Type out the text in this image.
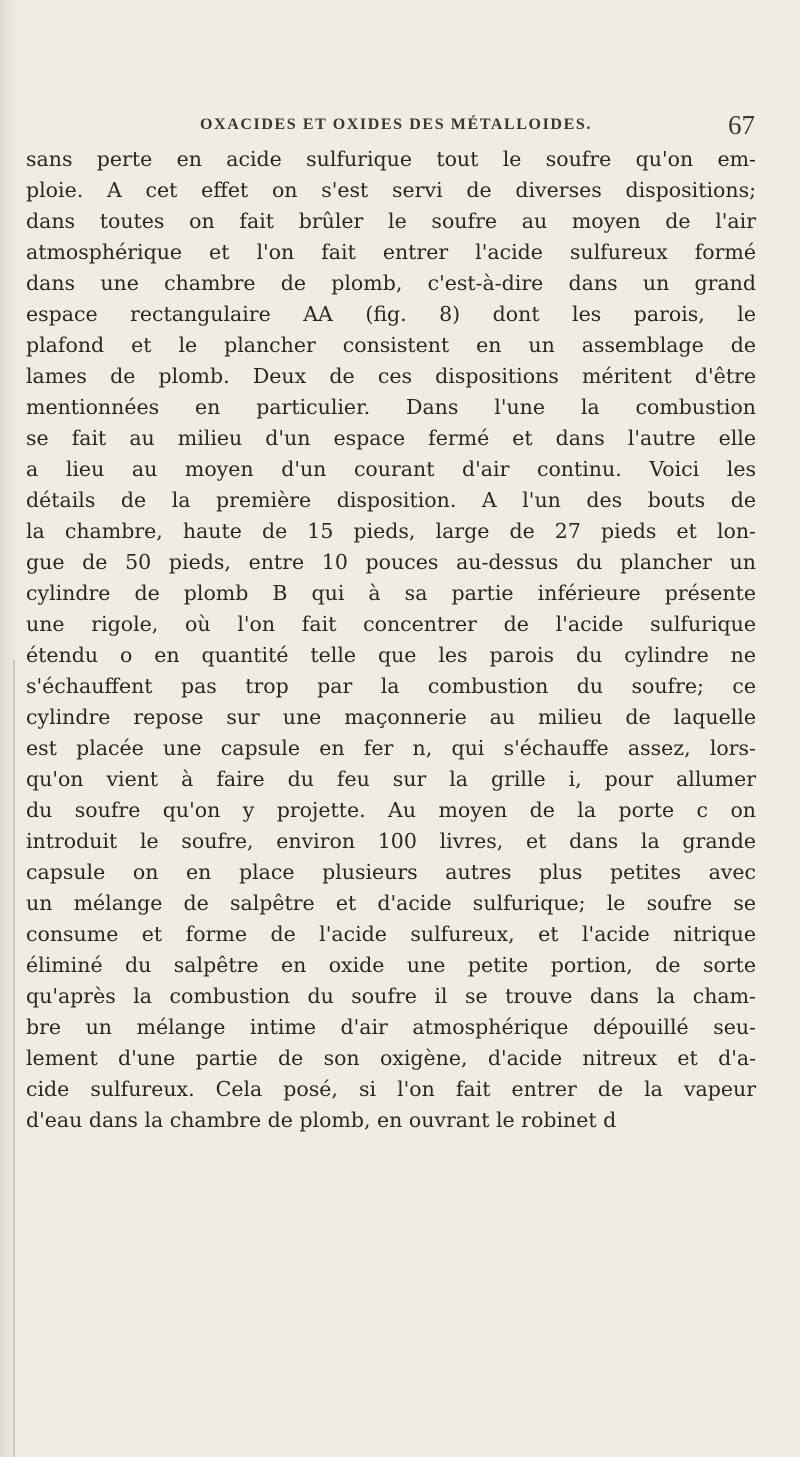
OXACIDES ET OXIDES DES MÉTALLOIDES.	67
sans perte en acide sulfurique tout le soufre qu'on em-
ploie. A cet effet on s'est servi de diverses dispositions;
dans toutes on fait brûler le soufre au moyen de l'air
atmosphérique et l'on fait entrer l'acide sulfureux formé
dans une chambre de plomb, c'est-à-dire dans un grand
espace rectangulaire AA (fig. 8) dont les parois, le
plafond et le plancher consistent en un assemblage de
lames de plomb. Deux de ces dispositions méritent d'être
mentionnées en particulier. Dans l'une la combustion
se fait au milieu d'un espace fermé et dans l'autre elle
a lieu au moyen d'un courant d'air continu. Voici les
détails de la première disposition. A l'un des bouts de
la chambre, haute de 15 pieds, large de 27 pieds et lon-
gue de 50 pieds, entre 10 pouces au-dessus du plancher un
cylindre de plomb B qui à sa partie inférieure présente
une rigole, où l'on fait concentrer de l'acide sulfurique
étendu o en quantité telle que les parois du cylindre ne
s'échauffent pas trop par la combustion du soufre; ce
cylindre repose sur une maçonnerie au milieu de laquelle
est placée une capsule en fer n, qui s'échauffe assez, lors-
qu'on vient à faire du feu sur la grille i, pour allumer
du soufre qu'on y projette. Au moyen de la porte c on
introduit le soufre, environ 100 livres, et dans la grande
capsule on en place plusieurs autres plus petites avec
un mélange de salpêtre et d'acide sulfurique; le soufre se
consume et forme de l'acide sulfureux, et l'acide nitrique
éliminé du salpêtre en oxide une petite portion, de sorte
qu'après la combustion du soufre il se trouve dans la cham-
bre un mélange intime d'air atmosphérique dépouillé seu-
lement d'une partie de son oxigène, d'acide nitreux et d'a-
cide sulfureux. Cela posé, si l'on fait entrer de la vapeur
d'eau dans la chambre de plomb, en ouvrant le robinet d
